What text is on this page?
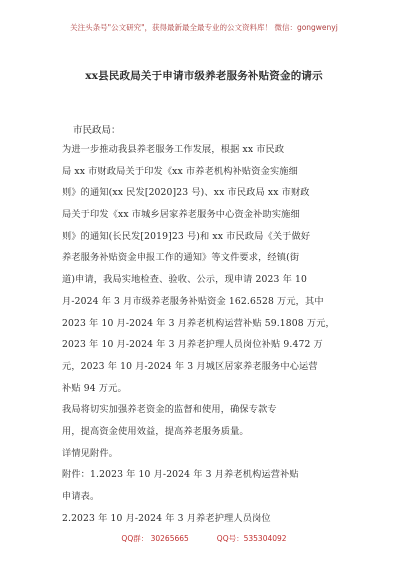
关注头条号"公文研究"，获得最新最全最专业的公文资料库！ 微信：gongwenyj
xx县民政局关于申请市级养老服务补贴资金的请示
市民政局：
为进一步推动我县养老服务工作发展，根据 xx 市民政
局 xx 市财政局关于印发《xx 市养老机构补贴资金实施细
则》的通知(xx 民发[2020]23 号)、xx 市民政局 xx 市财政
局关于印发《xx 市城乡居家养老服务中心资金补助实施细
则》的通知(长民发[2019]23 号)和 xx 市民政局《关于做好
养老服务补贴资金申报工作的通知》等文件要求，经镇(街
道)申请，我局实地检查、验收、公示，现申请 2023 年 10
月-2024 年 3 月市级养老服务补贴资金 162.6528 万元，其中
2023 年 10 月-2024 年 3 月养老机构运营补贴 59.1808 万元，
2023 年 10 月-2024 年 3 月养老护理人员岗位补贴 9.472 万
元，2023 年 10 月-2024 年 3 月城区居家养老服务中心运营
补贴 94 万元。
我局将切实加强养老资金的监督和使用，确保专款专
用，提高资金使用效益，提高养老服务质量。
详情见附件。
附件：1.2023 年 10 月-2024 年 3 月养老机构运营补贴
申请表。
2.2023 年 10 月-2024 年 3 月养老护理人员岗位
QQ群： 30265665	QQ号：535304092
